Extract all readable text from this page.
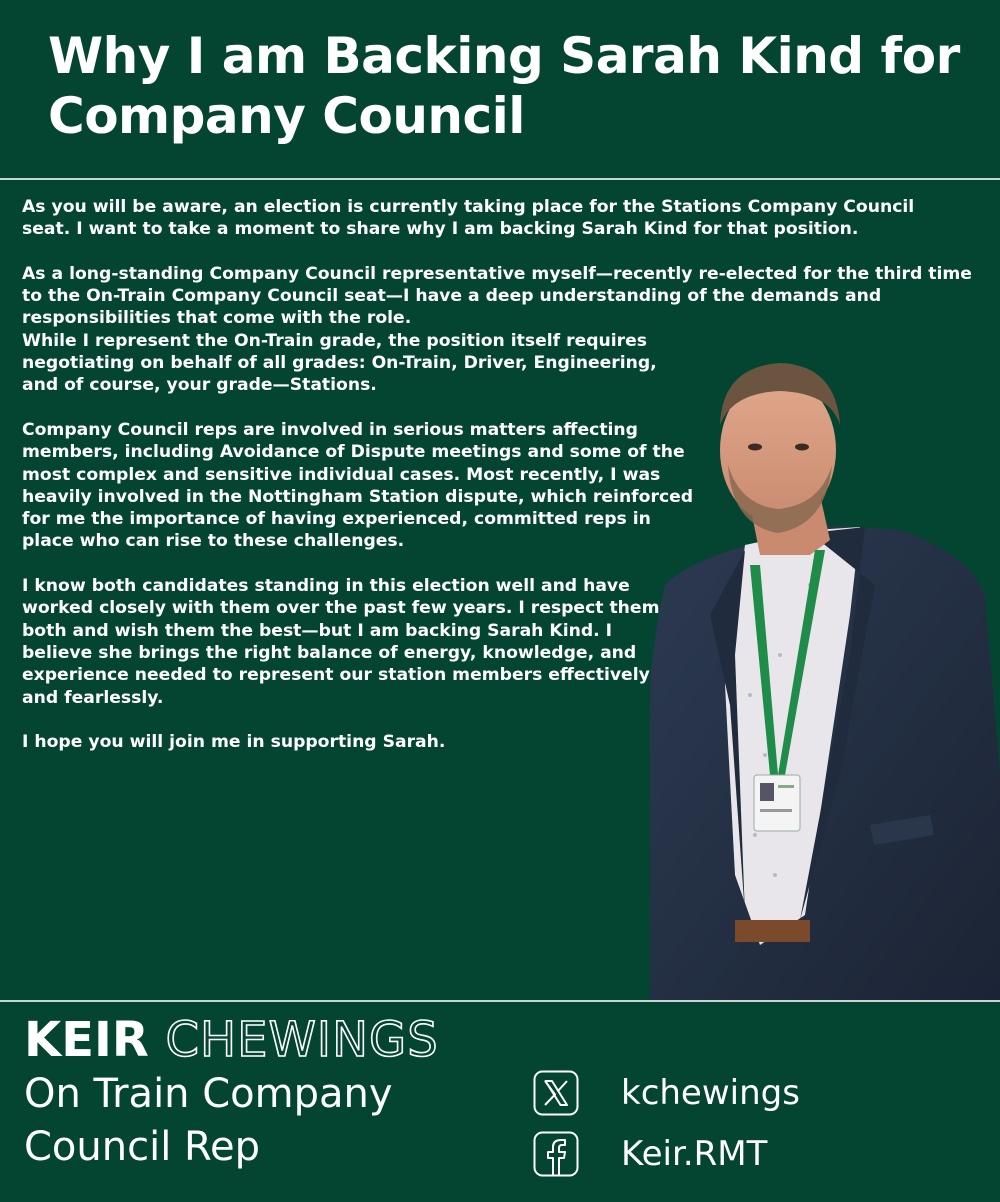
Why I am Backing Sarah Kind for Company Council

As you will be aware, an election is currently taking place for the Stations Company Council seat. I want to take a moment to share why I am backing Sarah Kind for that position.

As a long-standing Company Council representative myself—recently re-elected for the third time to the On-Train Company Council seat—I have a deep understanding of the demands and responsibilities that come with the role.

While I represent the On-Train grade, the position itself requires negotiating on behalf of all grades: On-Train, Driver, Engineering, and of course, your grade—Stations.

Company Council reps are involved in serious matters affecting members, including Avoidance of Dispute meetings and some of the most complex and sensitive individual cases. Most recently, I was heavily involved in the Nottingham Station dispute, which reinforced for me the importance of having experienced, committed reps in place who can rise to these challenges.

I know both candidates standing in this election well and have worked closely with them over the past few years. I respect them both and wish them the best—but I am backing Sarah Kind. I believe she brings the right balance of energy, knowledge, and experience needed to represent our station members effectively and fearlessly.

I hope you will join me in supporting Sarah.

KEIR CHEWINGS
On Train Company Council Rep
kchewings
Keir.RMT
